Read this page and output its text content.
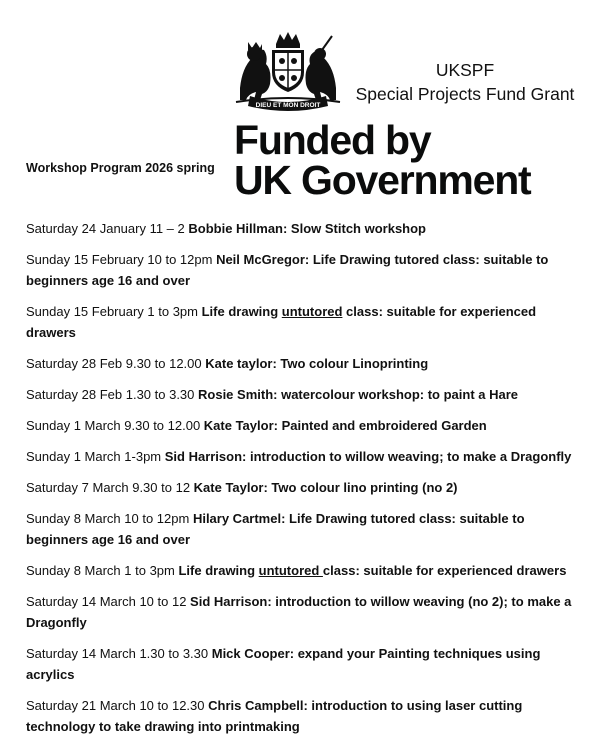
DIEU ET MON DROIT
UKSPF
Special Projects Fund Grant
Workshop Program 2026 spring
Funded by
UK Government

Saturday 24 January 11 – 2 Bobbie Hillman: Slow Stitch workshop

Sunday 15 February 10 to 12pm Neil McGregor: Life Drawing tutored class: suitable to beginners age 16 and over

Sunday 15 February 1 to 3pm Life drawing untutored class: suitable for experienced drawers

Saturday 28 Feb 9.30 to 12.00 Kate taylor: Two colour Linoprinting

Saturday 28 Feb 1.30 to 3.30 Rosie Smith: watercolour workshop: to paint a Hare

Sunday 1 March 9.30 to 12.00 Kate Taylor: Painted and embroidered Garden

Sunday 1 March 1-3pm Sid Harrison: introduction to willow weaving; to make a Dragonfly

Saturday 7 March 9.30 to 12 Kate Taylor: Two colour lino printing (no 2)

Sunday 8 March 10 to 12pm Hilary Cartmel: Life Drawing tutored class: suitable to beginners age 16 and over

Sunday 8 March 1 to 3pm Life drawing untutored class: suitable for experienced drawers

Saturday 14 March 10 to 12 Sid Harrison: introduction to willow weaving (no 2); to make a Dragonfly

Saturday 14 March 1.30 to 3.30 Mick Cooper: expand your Painting techniques using acrylics

Saturday 21 March 10 to 12.30 Chris Campbell: introduction to using laser cutting technology to take drawing into printmaking
